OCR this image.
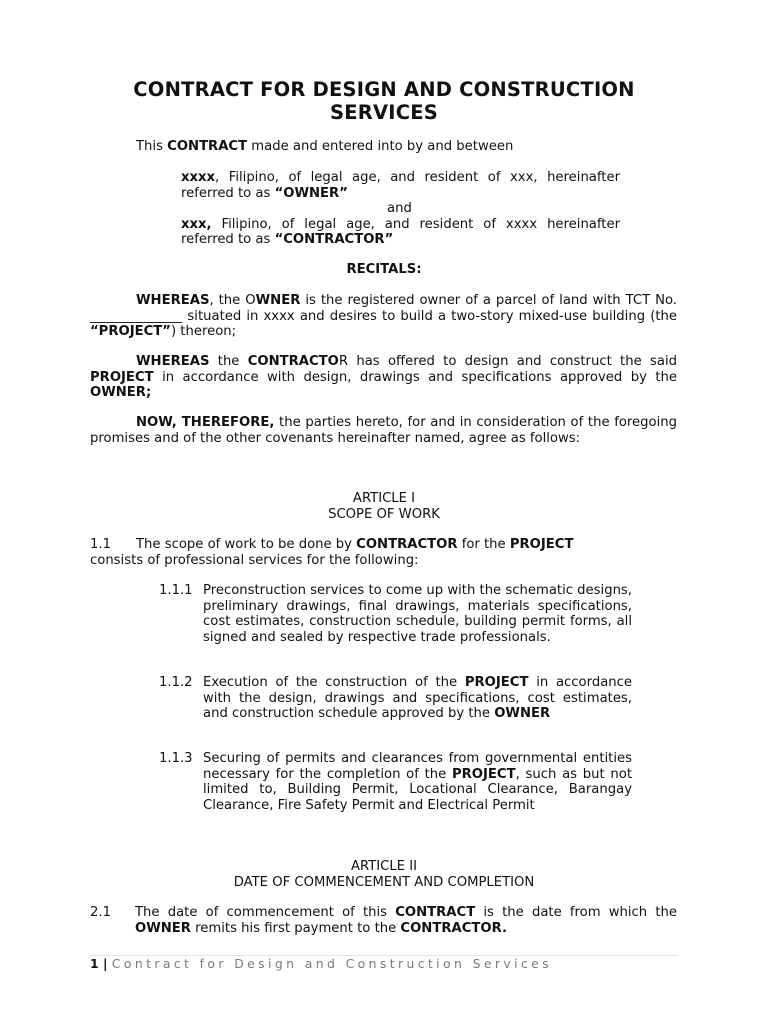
CONTRACT FOR DESIGN AND CONSTRUCTION
SERVICES
This CONTRACT made and entered into by and between
xxxx, Filipino, of legal age, and resident of xxx, hereinafter referred to as “OWNER”
and
xxx, Filipino, of legal age, and resident of xxxx hereinafter referred to as “CONTRACTOR”
RECITALS:
WHEREAS, the OWNER is the registered owner of a parcel of land with TCT No. ______________ situated in xxxx and desires to build a two-story mixed-use building (the “PROJECT”) thereon;
WHEREAS the CONTRACTOR has offered to design and construct the said PROJECT in accordance with design, drawings and specifications approved by the OWNER;
NOW, THEREFORE, the parties hereto, for and in consideration of the foregoing promises and of the other covenants hereinafter named, agree as follows:
ARTICLE I
SCOPE OF WORK
1.1 The scope of work to be done by CONTRACTOR for the PROJECT
consists of professional services for the following:
1.1.1 Preconstruction services to come up with the schematic designs, preliminary drawings, final drawings, materials specifications, cost estimates, construction schedule, building permit forms, all signed and sealed by respective trade professionals.
1.1.2 Execution of the construction of the PROJECT in accordance with the design, drawings and specifications, cost estimates, and construction schedule approved by the OWNER
1.1.3 Securing of permits and clearances from governmental entities necessary for the completion of the PROJECT, such as but not limited to, Building Permit, Locational Clearance, Barangay Clearance, Fire Safety Permit and Electrical Permit
ARTICLE II
DATE OF COMMENCEMENT AND COMPLETION
2.1 The date of commencement of this CONTRACT is the date from which the OWNER remits his first payment to the CONTRACTOR.
1 | Contract for Design and Construction Services
